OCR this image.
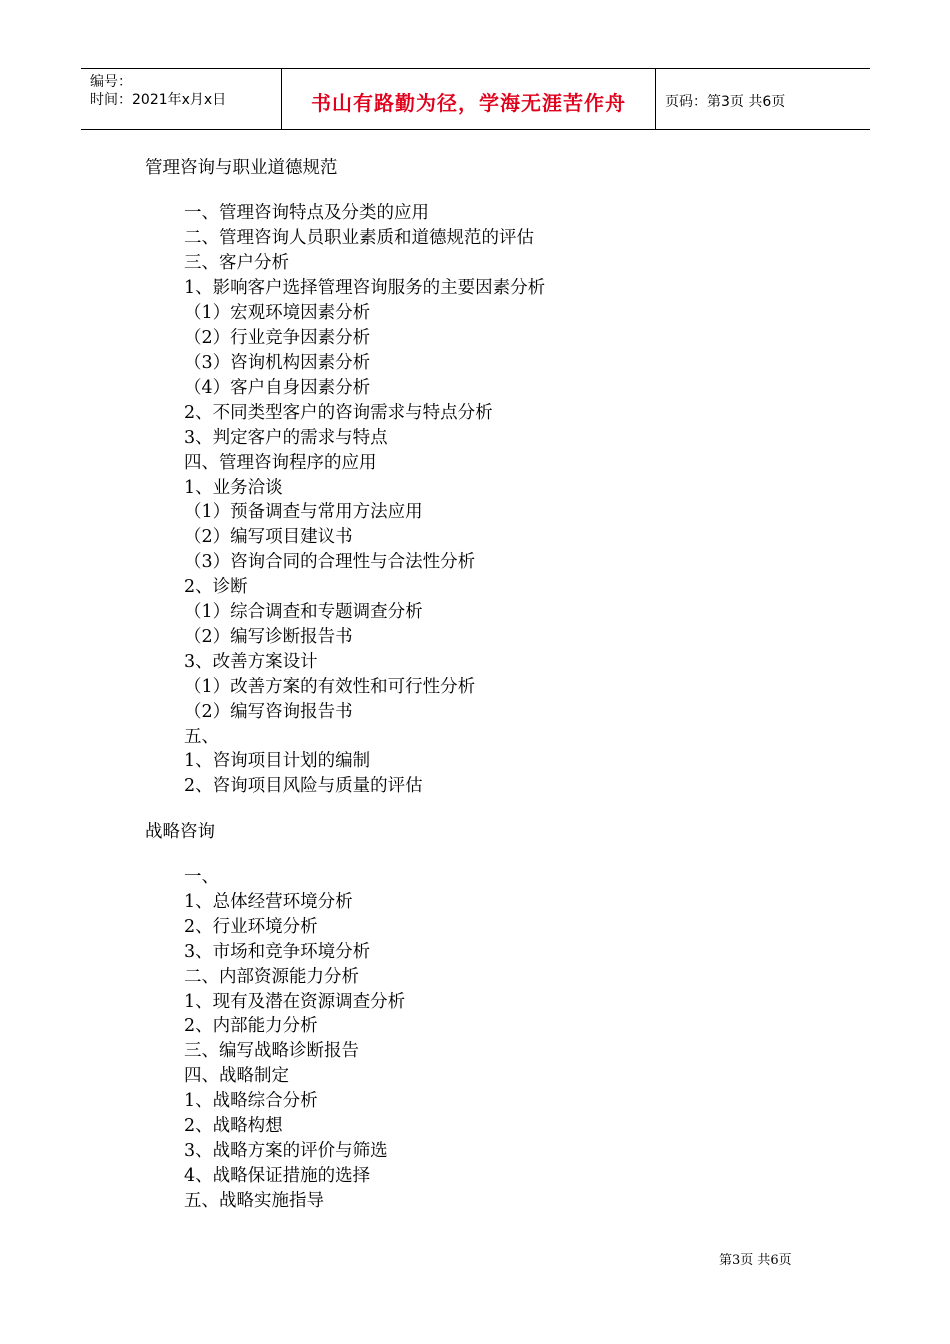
编号：
时间：2021年x月x日	书山有路勤为径，学海无涯苦作舟	页码：第3页 共6页
管理咨询与职业道德规范
一、管理咨询特点及分类的应用
二、管理咨询人员职业素质和道德规范的评估
三、客户分析
1、影响客户选择管理咨询服务的主要因素分析
（1）宏观环境因素分析
（2）行业竞争因素分析
（3）咨询机构因素分析
（4）客户自身因素分析
2、不同类型客户的咨询需求与特点分析
3、判定客户的需求与特点
四、管理咨询程序的应用
1、业务洽谈
（1）预备调查与常用方法应用
（2）编写项目建议书
（3）咨询合同的合理性与合法性分析
2、诊断
（1）综合调查和专题调查分析
（2）编写诊断报告书
3、改善方案设计
（1）改善方案的有效性和可行性分析
（2）编写咨询报告书
五、
1、咨询项目计划的编制
2、咨询项目风险与质量的评估
战略咨询
一、
1、总体经营环境分析
2、行业环境分析
3、市场和竞争环境分析
二、内部资源能力分析
1、现有及潜在资源调查分析
2、内部能力分析
三、编写战略诊断报告
四、战略制定
1、战略综合分析
2、战略构想
3、战略方案的评价与筛选
4、战略保证措施的选择
五、战略实施指导
第3页 共6页
